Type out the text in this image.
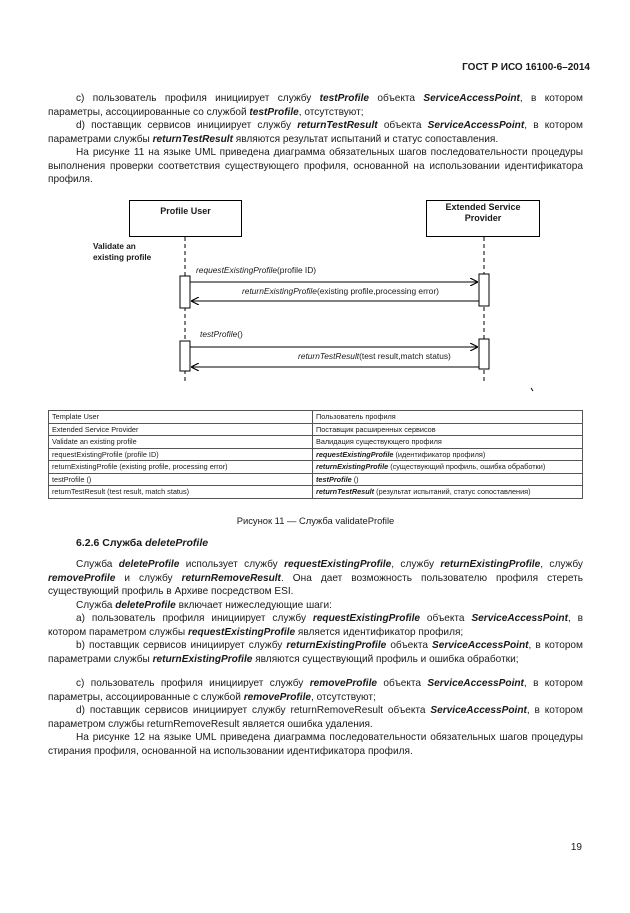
ГОСТ Р ИСО 16100-6–2014

c) пользователь профиля инициирует службу testProfile объекта ServiceAccessPoint, в котором параметры, ассоциированные со службой testProfile, отсутствуют;

d) поставщик сервисов инициирует службу returnTestResult объекта ServiceAccessPoint, в котором параметрами службы returnTestResult являются результат испытаний и статус сопоставления.

На рисунке 11 на языке UML приведена диаграмма обязательных шагов последовательности процедуры выполнения проверки соответствия существующего профиля, основанной на использовании идентификатора профиля.

Profile User	Extended Service Provider
Validate an existing profile
requestExistingProfile(profile ID)
returnExistingProfile(existing profile,processing error)
testProfile()
returnTestResult(test result,match status)
Template User	Пользователь профиля
Extended Service Provider	Поставщик расширенных сервисов
Validate an existing profile	Валидация существующего профиля
requestExistingProfile (profile ID)	requestExistingProfile (идентификатор профиля)
returnExistingProfile (existing profile, processing error)	returnExistingProfile (существующий профиль, ошибка обработки)
testProfile ()	testProfile ()
returnTestResult (test result, match status)	returnTestResult (результат испытаний, статус сопоставления)
Рисунок 11 — Служба validateProfile
6.2.6 Служба deleteProfile

Служба deleteProfile использует службу requestExistingProfile, службу returnExistingProfile, службу removeProfile и службу returnRemoveResult. Она дает возможность пользователю профиля стереть существующий профиль в Архиве посредством ESI.

Служба deleteProfile включает нижеследующие шаги:

а) пользователь профиля инициирует службу requestExistingProfile объекта ServiceAccessPoint, в котором параметром службы requestExistingProfile является идентификатор профиля;

b) поставщик сервисов инициирует службу returnExistingProfile объекта ServiceAccessPoint, в котором параметрами службы returnExistingProfile являются существующий профиль и ошибка обработки;

с) пользователь профиля инициирует службу removeProfile объекта ServiceAccessPoint, в котором параметры, ассоциированные с службой removeProfile, отсутствуют;

d) поставщик сервисов инициирует службу returnRemoveResult объекта ServiceAccessPoint, в котором параметром службы returnRemoveResult является ошибка удаления.

На рисунке 12 на языке UML приведена диаграмма последовательности обязательных шагов процедуры стирания профиля, основанной на использовании идентификатора профиля.

19
